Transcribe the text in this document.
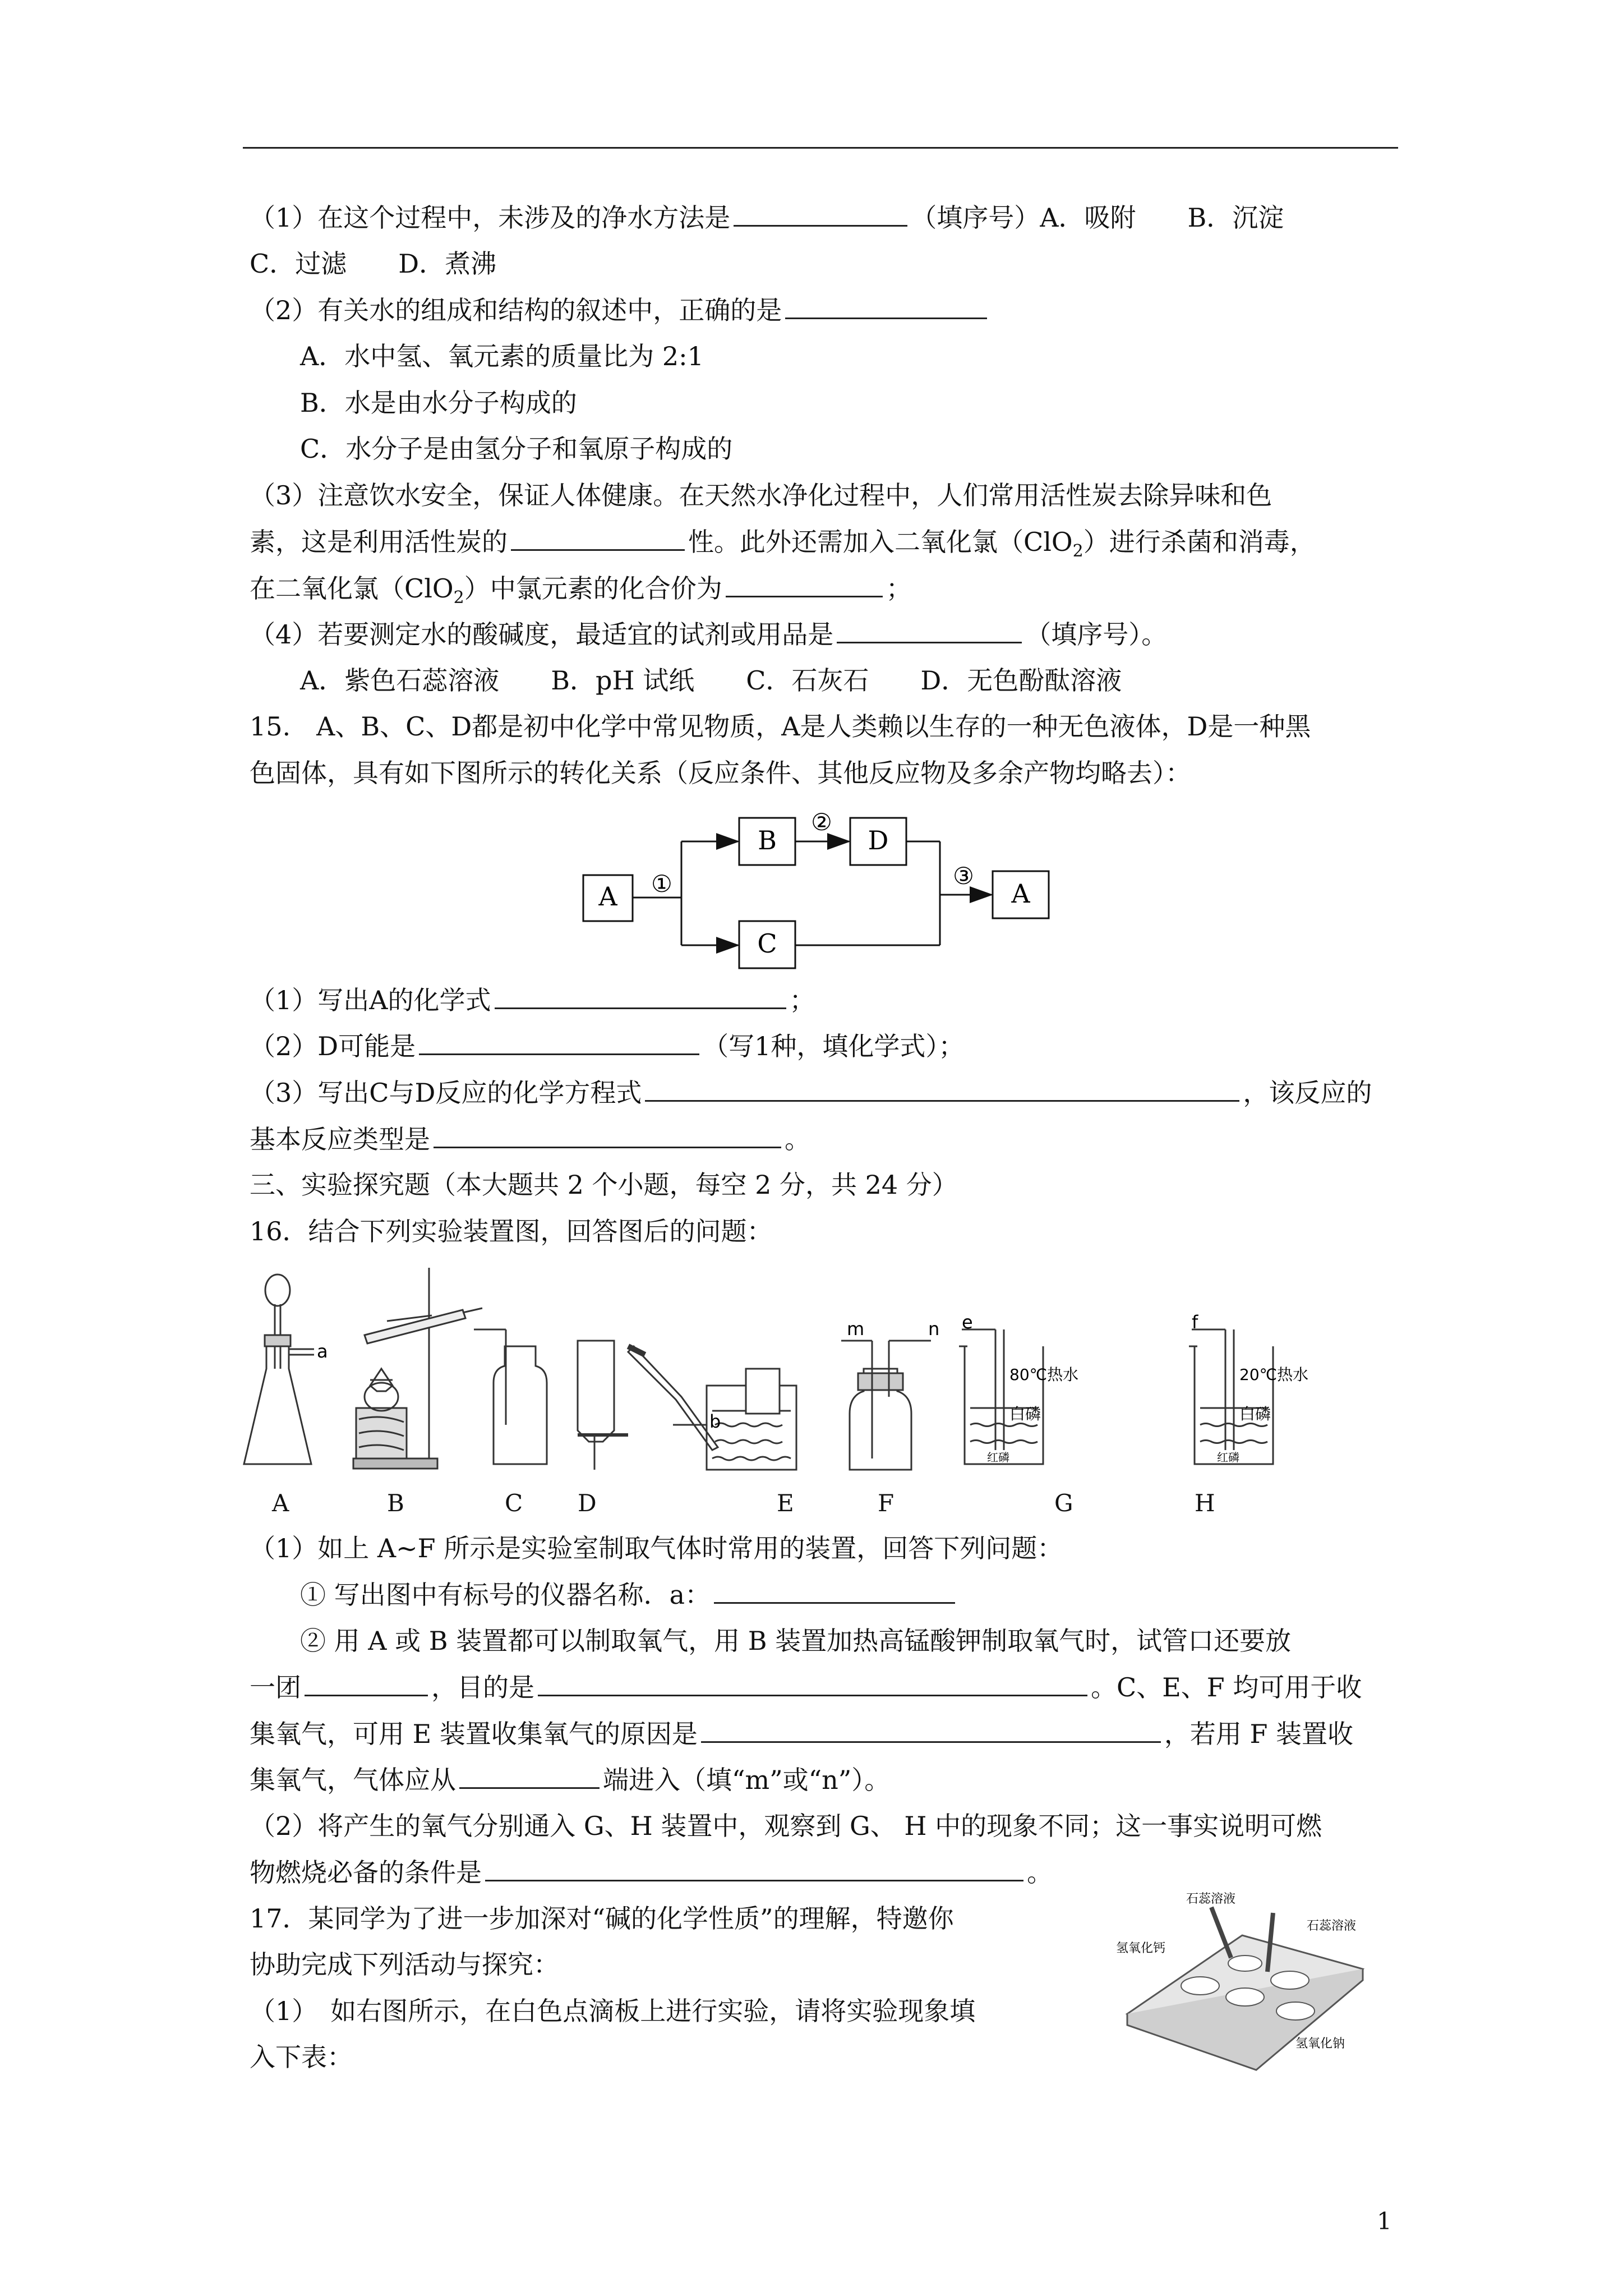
（1）在这个过程中，未涉及的净水方法是	（填序号）A．吸附　　B．沉淀
C．过滤　　D．煮沸
（2）有关水的组成和结构的叙述中，正确的是
A．水中氢、氧元素的质量比为 2:1
B．水是由水分子构成的
C．水分子是由氢分子和氧原子构成的
（3）注意饮水安全，保证人体健康。在天然水净化过程中，人们常用活性炭去除异味和色
素，这是利用活性炭的	性。此外还需加入二氧化氯（ClO$_2$）进行杀菌和消毒，
在二氧化氯（ClO$_2$）中氯元素的化合价为	；
（4）若要测定水的酸碱度，最适宜的试剂或用品是	（填序号）。
A．紫色石蕊溶液　　B．pH 试纸　　C．石灰石　　D．无色酚酞溶液
15.　A、B、C、D都是初中化学中常见物质，A是人类赖以生存的一种无色液体，D是一种黑
色固体，具有如下图所示的转化关系（反应条件、其他反应物及多余产物均略去）：
A ①
B
C
②
D
③
A
（1）写出A的化学式	；
（2）D可能是	（写1种，填化学式）；
（3）写出C与D反应的化学方程式	，该反应的
基本反应类型是	。
三、实验探究题（本大题共 2 个小题，每空 2 分，共 24 分）
16．结合下列实验装置图，回答图后的问题：
a
b
m	n e	f
80℃热水
白磷
红磷
20℃热水
白磷
红磷
A	B	C D	E	F	G	H
（1）如上 A~F 所示是实验室制取气体时常用的装置，回答下列问题：
① 写出图中有标号的仪器名称．a：
② 用 A 或 B 装置都可以制取氧气，用 B 装置加热高锰酸钾制取氧气时，试管口还要放
一团	，目的是	。C、E、F 均可用于收
集氧气，可用 E 装置收集氧气的原因是	，若用 F 装置收
集氧气，气体应从	端进入（填“m”或“n”）。
（2）将产生的氧气分别通入 G、H 装置中，观察到 G、 H 中的现象不同；这一事实说明可燃
物燃烧必备的条件是	。
17．某同学为了进一步加深对“碱的化学性质”的理解，特邀你
协助完成下列活动与探究：
（1）　如右图所示，在白色点滴板上进行实验，请将实验现象填
入下表：
石蕊溶液
石蕊溶液
氢氧化钙
氢氧化钠
1
